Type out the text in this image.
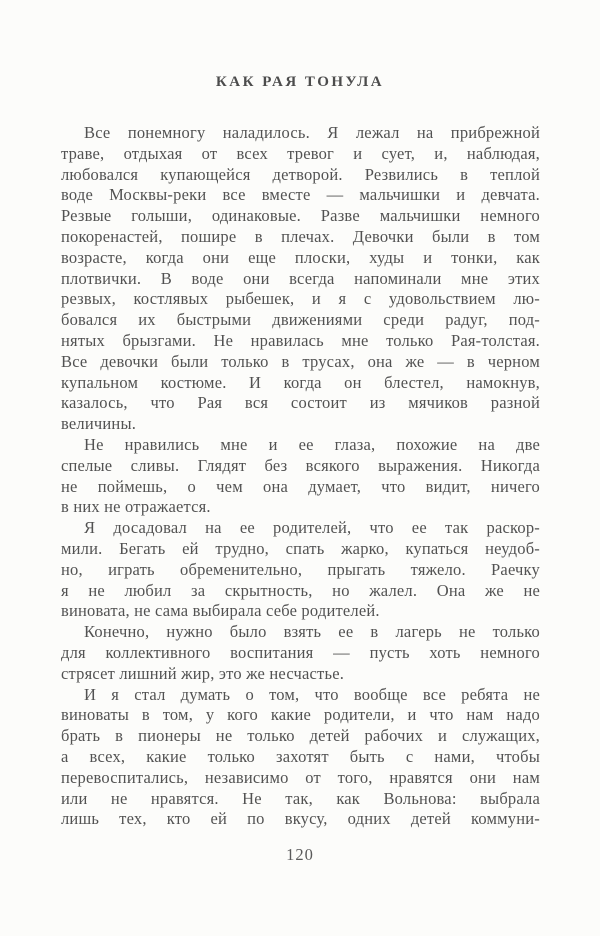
КАК РАЯ ТОНУЛА

Все понемногу наладилось. Я лежал на прибрежной
траве, отдыхая от всех тревог и сует, и, наблюдая,
любовался купающейся детворой. Резвились в теплой
воде Москвы-реки все вместе — мальчишки и девчата.
Резвые голыши, одинаковые. Разве мальчишки немного
покоренастей, пошире в плечах. Девочки были в том
возрасте, когда они еще плоски, худы и тонки, как
плотвички. В воде они всегда напоминали мне этих
резвых, костлявых рыбешек, и я с удовольствием лю-
бовался их быстрыми движениями среди радуг, под-
нятых брызгами. Не нравилась мне только Рая-толстая.
Все девочки были только в трусах, она же — в черном
купальном костюме. И когда он блестел, намокнув,
казалось, что Рая вся состоит из мячиков разной
величины.

Не нравились мне и ее глаза, похожие на две
спелые сливы. Глядят без всякого выражения. Никогда
не поймешь, о чем она думает, что видит, ничего
в них не отражается.

Я досадовал на ее родителей, что ее так раскор-
мили. Бегать ей трудно, спать жарко, купаться неудоб-
но, играть обременительно, прыгать тяжело. Раечку
я не любил за скрытность, но жалел. Она же не
виновата, не сама выбирала себе родителей.

Конечно, нужно было взять ее в лагерь не только
для коллективного воспитания — пусть хоть немного
стрясет лишний жир, это же несчастье.

И я стал думать о том, что вообще все ребята не
виноваты в том, у кого какие родители, и что нам надо
брать в пионеры не только детей рабочих и служащих,
а всех, какие только захотят быть с нами, чтобы
перевоспитались, независимо от того, нравятся они нам
или не нравятся. Не так, как Вольнова: выбрала
лишь тех, кто ей по вкусу, одних детей коммуни-

120
